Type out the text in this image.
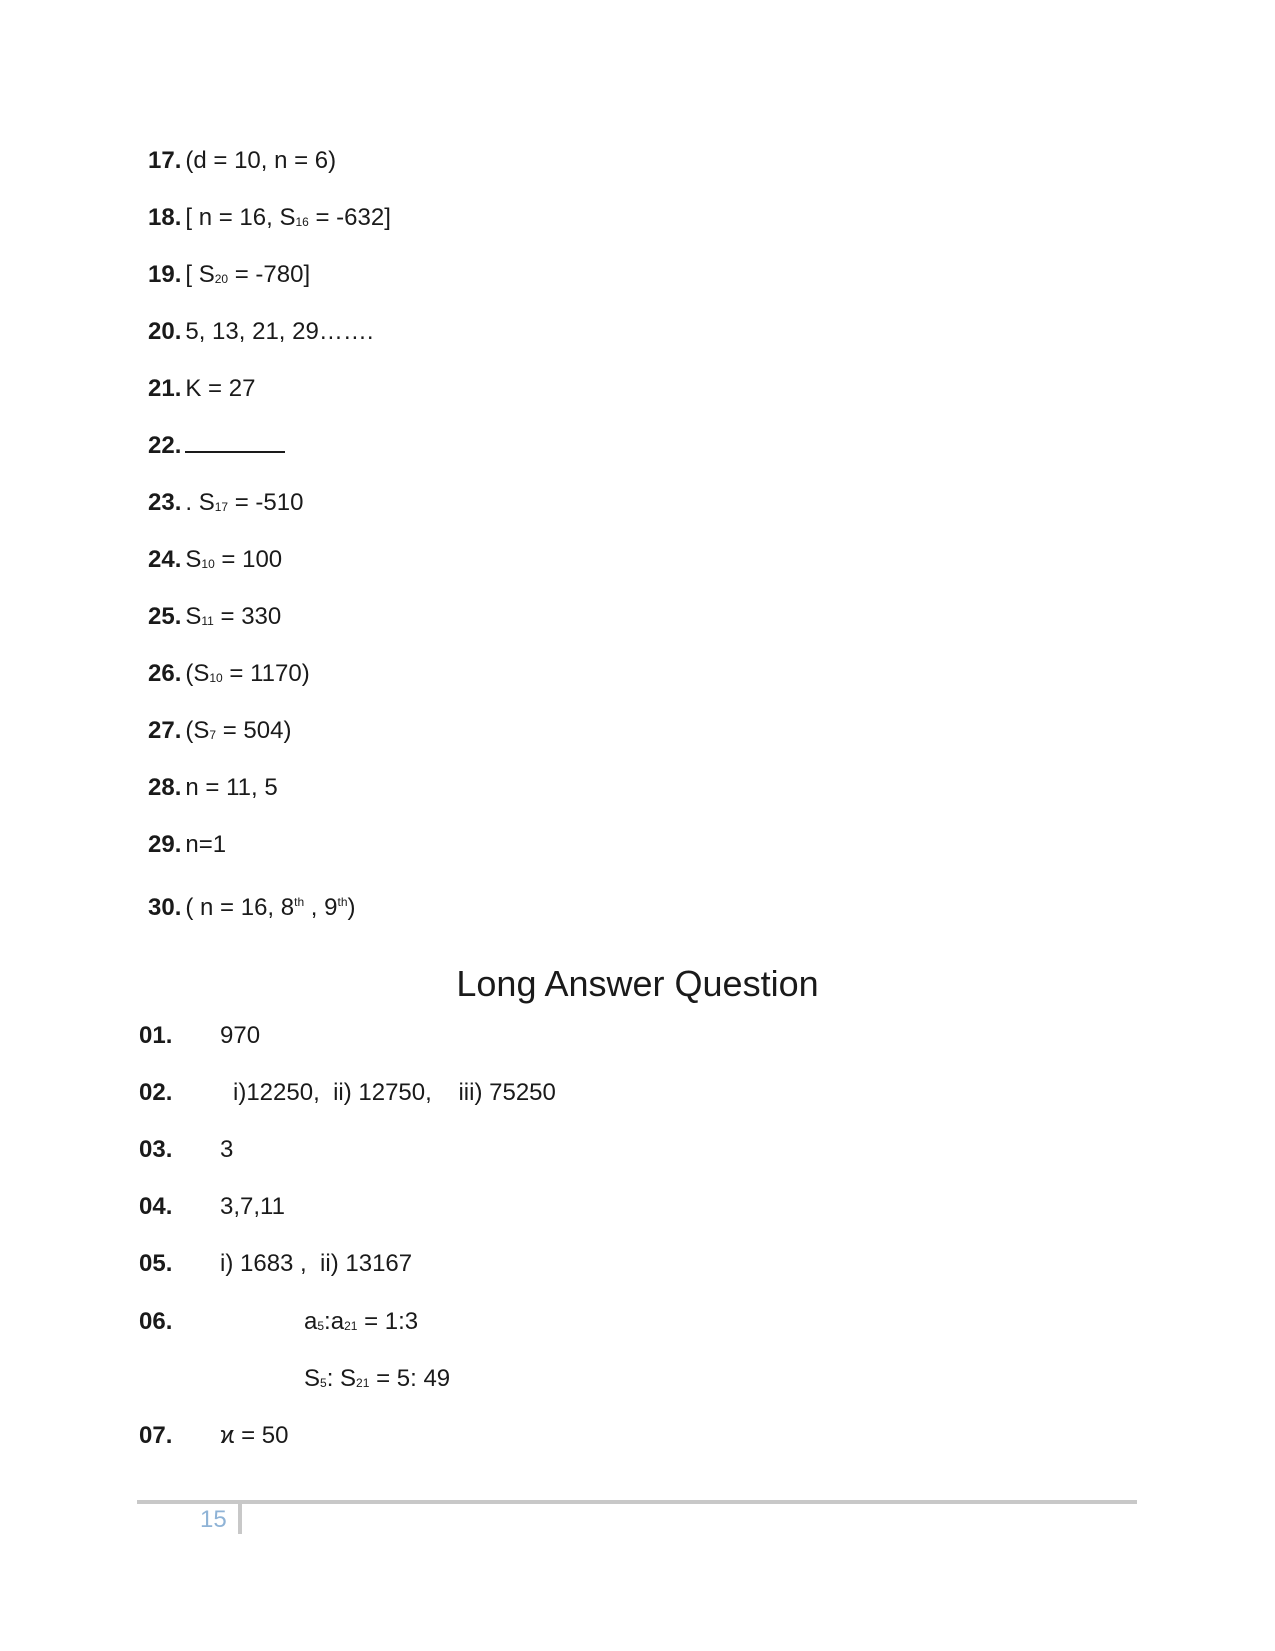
17. (d = 10, n = 6)
18. [ n = 16, $S_{16} = -632$]
19. [ $S_{20} = -780$]
20. 5, 13, 21, 29…….
21. K = 27
22.
23. . $S_{17} = -510$
24. $S_{10} = 100$
25. $S_{11} = 330$
26. $(S_{10} = 1170)$
27. $(S_7 = 504)$
28. n = 11, 5
29. n=1
30. ( n = 16, 8th , 9th)
Long Answer Question
01. 970
02.	i)12250,  ii) 12750,    iii) 75250
03. 3
04. 3,7,11
05. i) 1683 ,  ii) 13167
06.	$a_5:a_{21}$ = 1:3
$S_5$: $S_{21} = 5$: 49
07. ϰ = 50
15
